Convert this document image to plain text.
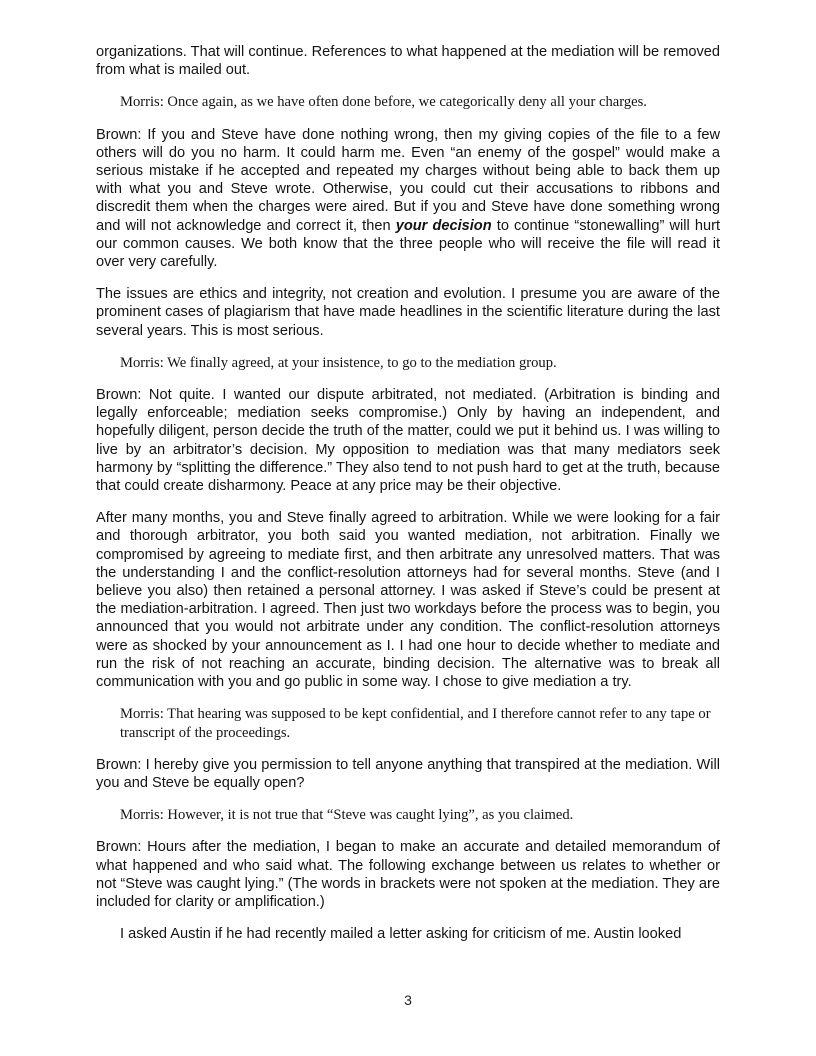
organizations. That will continue. References to what happened at the mediation will be removed from what is mailed out.

Morris: Once again, as we have often done before, we categorically deny all your charges.

Brown: If you and Steve have done nothing wrong, then my giving copies of the file to a few others will do you no harm. It could harm me. Even “an enemy of the gospel” would make a serious mistake if he accepted and repeated my charges without being able to back them up with what you and Steve wrote. Otherwise, you could cut their accusations to ribbons and discredit them when the charges were aired. But if you and Steve have done something wrong and will not acknowledge and correct it, then your decision to continue “stonewalling” will hurt our common causes. We both know that the three people who will receive the file will read it over very carefully.

The issues are ethics and integrity, not creation and evolution. I presume you are aware of the prominent cases of plagiarism that have made headlines in the scientific literature during the last several years. This is most serious.

Morris: We finally agreed, at your insistence, to go to the mediation group.

Brown: Not quite. I wanted our dispute arbitrated, not mediated. (Arbitration is binding and legally enforceable; mediation seeks compromise.) Only by having an independent, and hopefully diligent, person decide the truth of the matter, could we put it behind us. I was willing to live by an arbitrator’s decision. My opposition to mediation was that many mediators seek harmony by “splitting the difference.” They also tend to not push hard to get at the truth, because that could create disharmony. Peace at any price may be their objective.

After many months, you and Steve finally agreed to arbitration. While we were looking for a fair and thorough arbitrator, you both said you wanted mediation, not arbitration. Finally we compromised by agreeing to mediate first, and then arbitrate any unresolved matters. That was the understanding I and the conflict-resolution attorneys had for several months. Steve (and I believe you also) then retained a personal attorney. I was asked if Steve’s could be present at the mediation-arbitration. I agreed. Then just two workdays before the process was to begin, you announced that you would not arbitrate under any condition. The conflict-resolution attorneys were as shocked by your announcement as I. I had one hour to decide whether to mediate and run the risk of not reaching an accurate, binding decision. The alternative was to break all communication with you and go public in some way. I chose to give mediation a try.

Morris: That hearing was supposed to be kept confidential, and I therefore cannot refer to any tape or transcript of the proceedings.

Brown: I hereby give you permission to tell anyone anything that transpired at the mediation. Will you and Steve be equally open?

Morris: However, it is not true that “Steve was caught lying”, as you claimed.

Brown: Hours after the mediation, I began to make an accurate and detailed memorandum of what happened and who said what. The following exchange between us relates to whether or not “Steve was caught lying.” (The words in brackets were not spoken at the mediation. They are included for clarity or amplification.)

I asked Austin if he had recently mailed a letter asking for criticism of me. Austin looked

3
